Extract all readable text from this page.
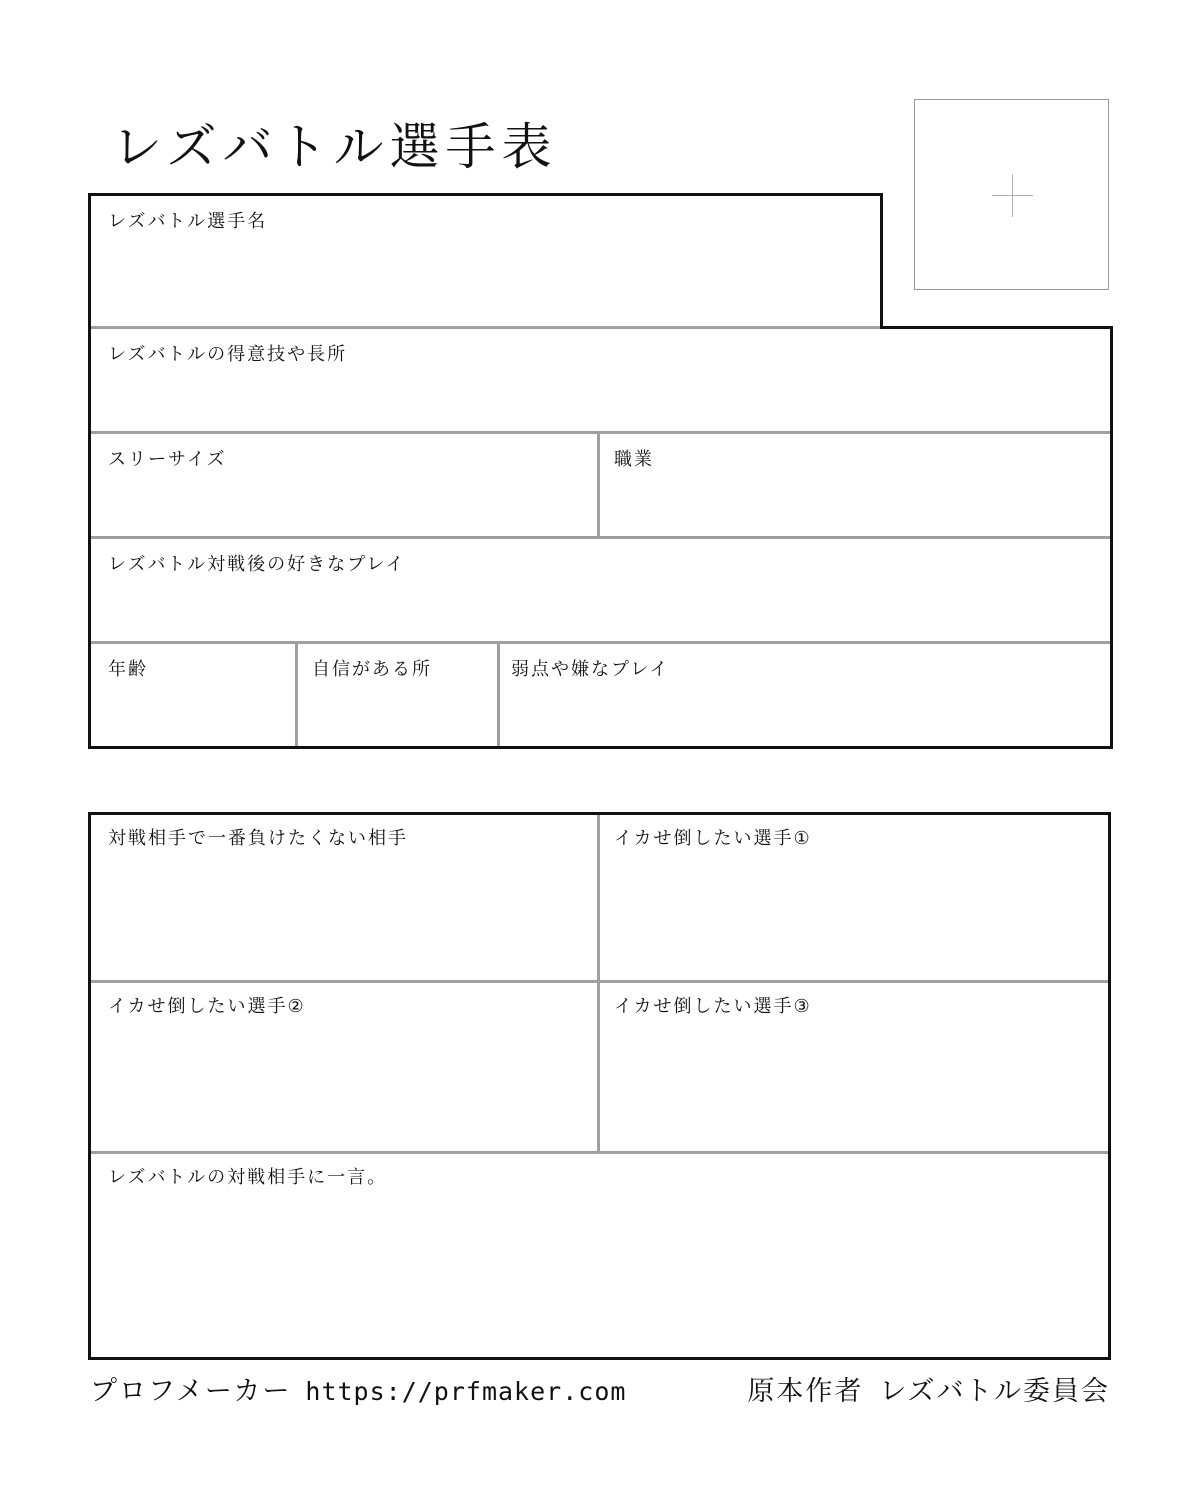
レズバトル選手表
レズバトル選手名
レズバトルの得意技や長所
スリーサイズ	職業
レズバトル対戦後の好きなプレイ
年齢	自信がある所	弱点や嫌なプレイ
対戦相手で一番負けたくない相手	イカせ倒したい選手①
イカせ倒したい選手②	イカせ倒したい選手③
レズバトルの対戦相手に一言。
プロフメーカー https://prfmaker.com	原本作者 レズバトル委員会
